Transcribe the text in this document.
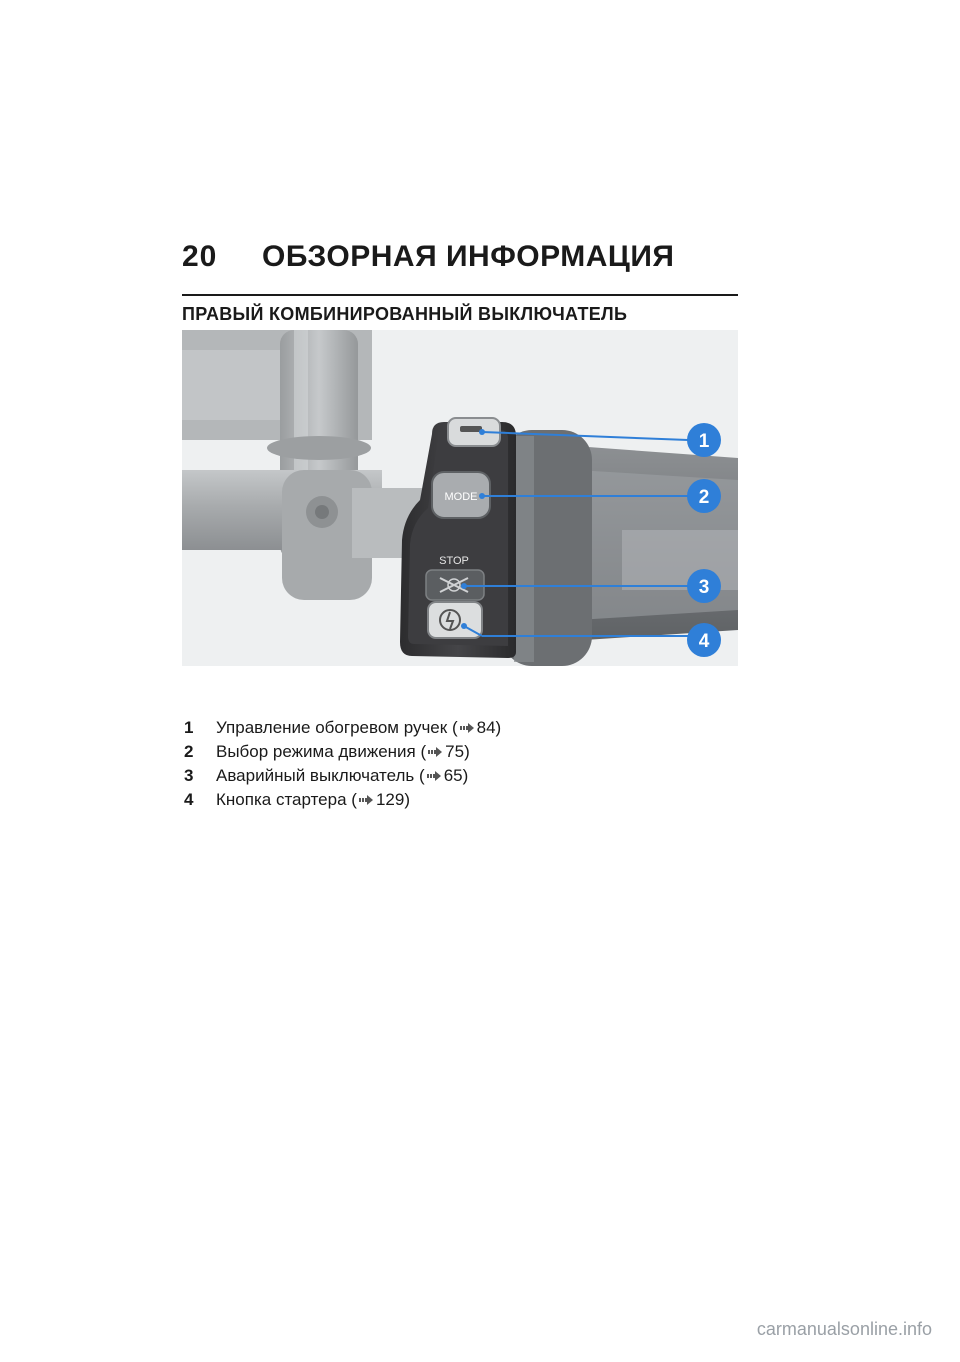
20 ОБЗОРНАЯ ИНФОРМАЦИЯ
ПРАВЫЙ КОМБИНИРОВАННЫЙ ВЫКЛЮЧАТЕЛЬ
MODE
STOP
1
2
3
4
1 Управление обогревом ручек ( 84)
2 Выбор режима движения ( 75)
3 Аварийный выключатель ( 65)
4 Кнопка стартера ( 129)
carmanualsonline.info
